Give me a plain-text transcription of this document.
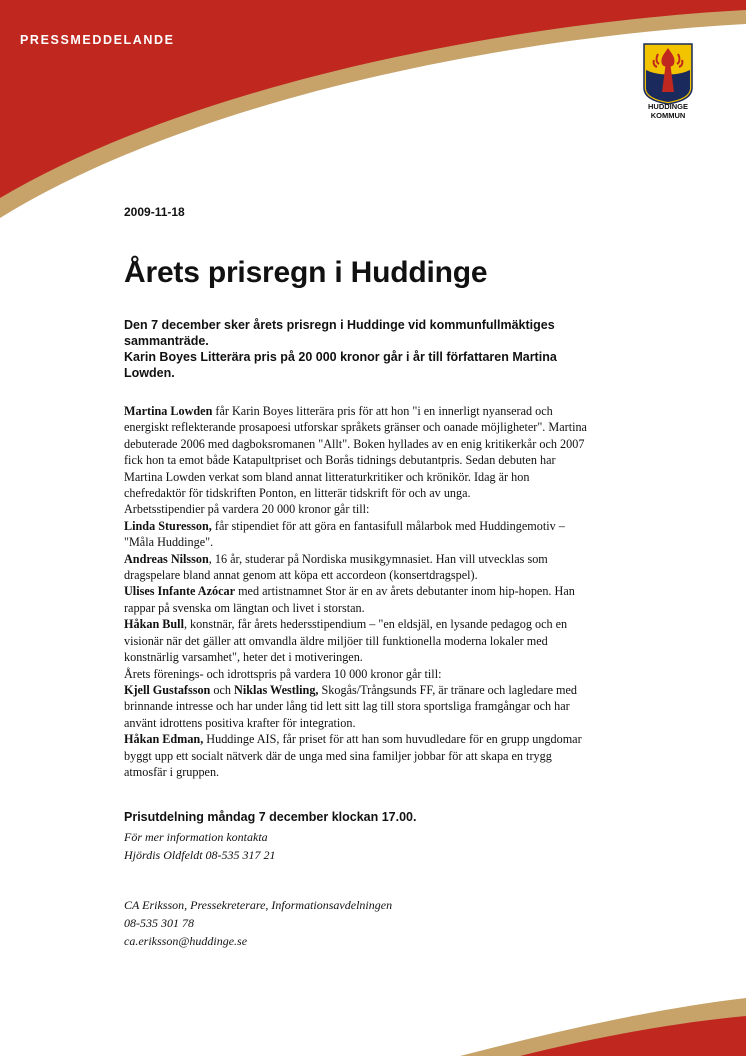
PRESSMEDDELANDE
HUDDINGE
KOMMUN
2009-11-18
Årets prisregn i Huddinge

Den 7 december sker årets prisregn i Huddinge vid kommunfullmäktiges sammanträde.

Karin Boyes Litterära pris på 20 000 kronor går i år till författaren Martina Lowden.

Martina Lowden får Karin Boyes litterära pris för att hon "i en innerligt nyanserad och energiskt reflekterande prosapoesi utforskar språkets gränser och oanade möjligheter". Martina debuterade 2006 med dagboksromanen "Allt". Boken hyllades av en enig kritikerkår och 2007 fick hon ta emot både Katapultpriset och Borås tidnings debutantpris. Sedan debuten har Martina Lowden verkat som bland annat litteraturkritiker och krönikör. Idag är hon chefredaktör för tidskriften Ponton, en litterär tidskrift för och av unga.

Arbetsstipendier på vardera 20 000 kronor går till:

Linda Sturesson, får stipendiet för att göra en fantasifull målarbok med Huddingemotiv – "Måla Huddinge".

Andreas Nilsson, 16 år, studerar på Nordiska musikgymnasiet. Han vill utvecklas som dragspelare bland annat genom att köpa ett accordeon (konsertdragspel).

Ulises Infante Azócar med artistnamnet Stor är en av årets debutanter inom hip-hopen. Han rappar på svenska om längtan och livet i storstan.

Håkan Bull, konstnär, får årets hedersstipendium – "en eldsjäl, en lysande pedagog och en visionär när det gäller att omvandla äldre miljöer till funktionella moderna lokaler med konstnärlig varsamhet", heter det i motiveringen.

Årets förenings- och idrottspris på vardera 10 000 kronor går till:

Kjell Gustafsson och Niklas Westling, Skogås/Trångsunds FF, är tränare och lagledare med brinnande intresse och har under lång tid lett sitt lag till stora sportsliga framgångar och har använt idrottens positiva krafter för integration.

Håkan Edman, Huddinge AIS, får priset för att han som huvudledare för en grupp ungdomar byggt upp ett socialt nätverk där de unga med sina familjer jobbar för att skapa en trygg atmosfär i gruppen.

Prisutdelning måndag 7 december klockan 17.00.

För mer information kontakta

Hjördis Oldfeldt 08-535 317 21

CA Eriksson, Pressekreterare, Informationsavdelningen

08-535 301 78

ca.eriksson@huddinge.se
